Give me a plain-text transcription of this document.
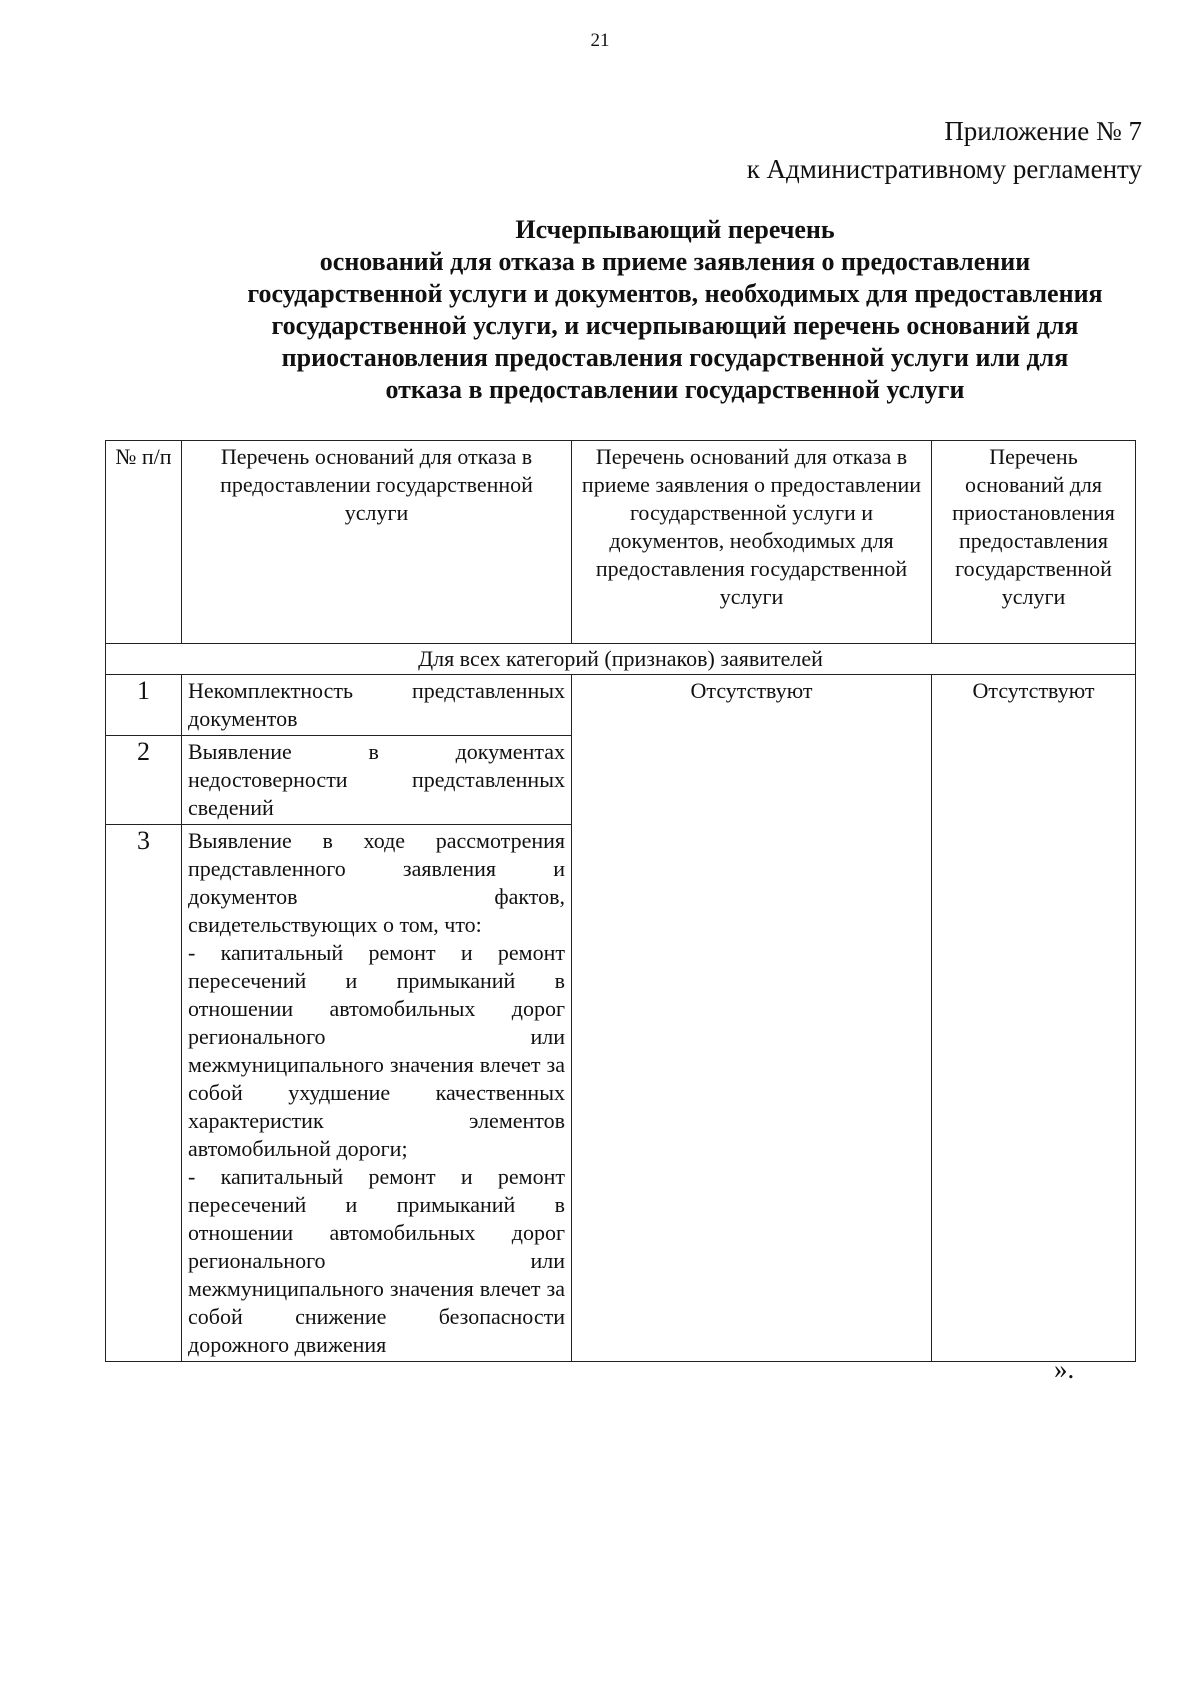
21
Приложение № 7
к Административному регламенту
Исчерпывающий перечень
оснований для отказа в приеме заявления о предоставлении
государственной услуги и документов, необходимых для предоставления
государственной услуги, и исчерпывающий перечень оснований для
приостановления предоставления государственной услуги или для
отказа в предоставлении государственной услуги
№ п/п	Перечень оснований для отказа в предоставлении государственной услуги	Перечень оснований для отказа в приеме заявления о предоставлении государственной услуги и документов, необходимых для предоставления государственной услуги	Перечень оснований для приостановления предоставления государственной услуги
Для всех категорий (признаков) заявителей			
1	Некомплектность представленных документов	Отсутствуют	Отсутствуют
2	Выявление в документах недостоверности представленных сведений		
3	Выявление в ходе рассмотрения представленного заявления и документов фактов, свидетельствующих о том, что:
- капитальный ремонт и ремонт пересечений и примыканий в отношении автомобильных дорог регионального или межмуниципального значения влечет за собой ухудшение качественных характеристик элементов автомобильной дороги;
- капитальный ремонт и ремонт пересечений и примыканий в отношении автомобильных дорог регионального или межмуниципального значения влечет за собой снижение безопасности дорожного движения		
».
